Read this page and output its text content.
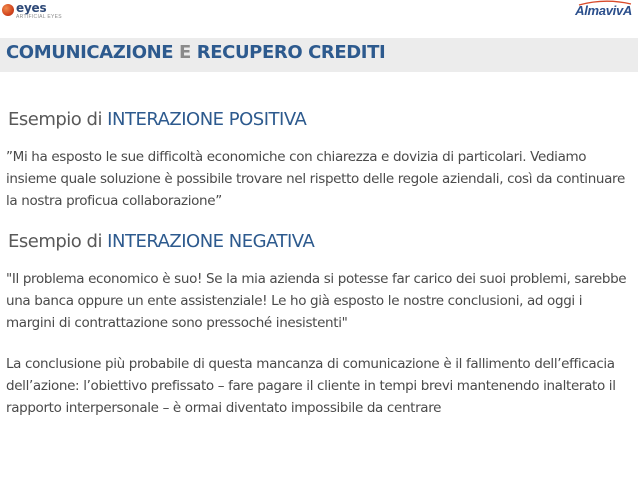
eyes
ARTIFICIAL EYES	AlmavivA
COMUNICAZIONE E RECUPERO CREDITI
Esempio di INTERAZIONE POSITIVA
”Mi ha esposto le sue difficoltà economiche con chiarezza e dovizia di particolari. Vediamo insieme quale soluzione è possibile trovare nel rispetto delle regole aziendali, così da continuare la nostra proficua collaborazione”
Esempio di INTERAZIONE NEGATIVA
"Il problema economico è suo! Se la mia azienda si potesse far carico dei suoi problemi, sarebbe una banca oppure un ente assistenziale! Le ho già esposto le nostre conclusioni, ad oggi i margini di contrattazione sono pressoché inesistenti"
La conclusione più probabile di questa mancanza di comunicazione è il fallimento dell’efficacia dell’azione: l’obiettivo prefissato – fare pagare il cliente in tempi brevi mantenendo inalterato il rapporto interpersonale – è ormai diventato impossibile da centrare
